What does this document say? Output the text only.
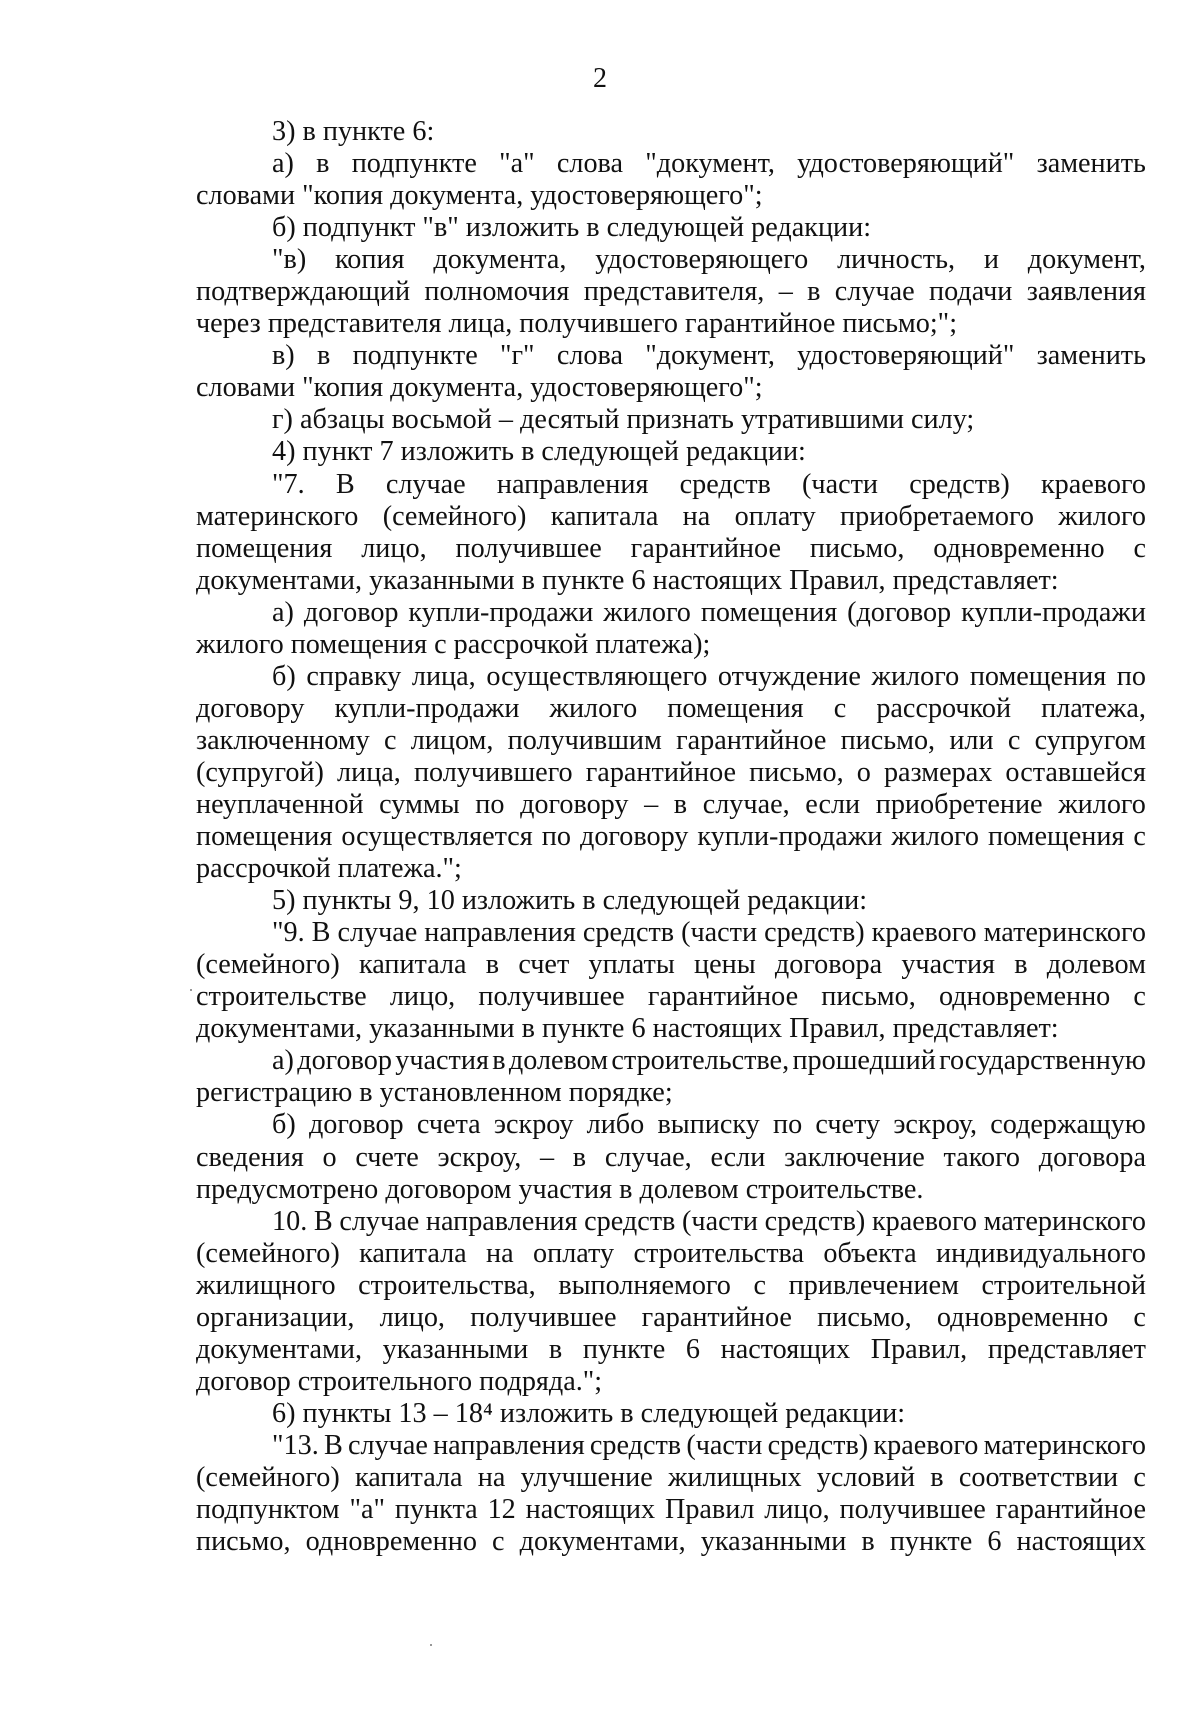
2
3) в пункте 6:
а) в подпункте "а" слова "документ, удостоверяющий" заменить
словами "копия документа, удостоверяющего";
б) подпункт "в" изложить в следующей редакции:
"в) копия документа, удостоверяющего личность, и документ,
подтверждающий полномочия представителя, – в случае подачи заявления
через представителя лица, получившего гарантийное письмо;";
в) в подпункте "г" слова "документ, удостоверяющий" заменить
словами "копия документа, удостоверяющего";
г) абзацы восьмой – десятый признать утратившими силу;
4) пункт 7 изложить в следующей редакции:
"7. В случае направления средств (части средств) краевого
материнского (семейного) капитала на оплату приобретаемого жилого
помещения лицо, получившее гарантийное письмо, одновременно с
документами, указанными в пункте 6 настоящих Правил, представляет:
а) договор купли-продажи жилого помещения (договор купли-продажи
жилого помещения с рассрочкой платежа);
б) справку лица, осуществляющего отчуждение жилого помещения по
договору купли-продажи жилого помещения с рассрочкой платежа,
заключенному с лицом, получившим гарантийное письмо, или с супругом
(супругой) лица, получившего гарантийное письмо, о размерах оставшейся
неуплаченной суммы по договору – в случае, если приобретение жилого
помещения осуществляется по договору купли-продажи жилого помещения с
рассрочкой платежа.";
5) пункты 9, 10 изложить в следующей редакции:
"9. В случае направления средств (части средств) краевого материнского
(семейного) капитала в счет уплаты цены договора участия в долевом
строительстве лицо, получившее гарантийное письмо, одновременно с
документами, указанными в пункте 6 настоящих Правил, представляет:
а) договор участия в долевом строительстве, прошедший государственную
регистрацию в установленном порядке;
б) договор счета эскроу либо выписку по счету эскроу, содержащую
сведения о счете эскроу, – в случае, если заключение такого договора
предусмотрено договором участия в долевом строительстве.
10. В случае направления средств (части средств) краевого материнского
(семейного) капитала на оплату строительства объекта индивидуального
жилищного строительства, выполняемого с привлечением строительной
организации, лицо, получившее гарантийное письмо, одновременно с
документами, указанными в пункте 6 настоящих Правил, представляет
договор строительного подряда.";
6) пункты 13 – 18⁴ изложить в следующей редакции:
"13. В случае направления средств (части средств) краевого материнского
(семейного) капитала на улучшение жилищных условий в соответствии с
подпунктом "а" пункта 12 настоящих Правил лицо, получившее гарантийное
письмо, одновременно с документами, указанными в пункте 6 настоящих
